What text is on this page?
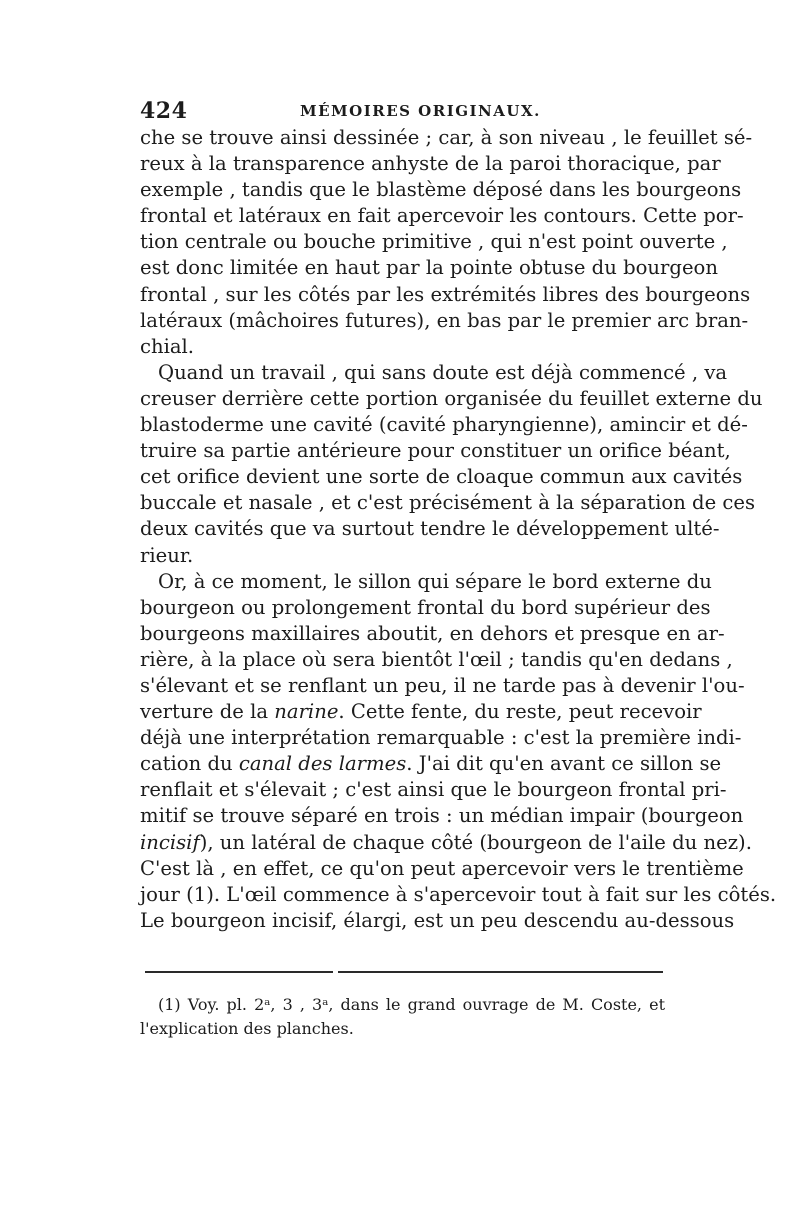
424	MÉMOIRES ORIGINAUX.
che se trouve ainsi dessinée ; car, à son niveau , le feuillet sé-
reux à la transparence anhyste de la paroi thoracique, par
exemple , tandis que le blastème déposé dans les bourgeons
frontal et latéraux en fait apercevoir les contours. Cette por-
tion centrale ou bouche primitive , qui n'est point ouverte ,
est donc limitée en haut par la pointe obtuse du bourgeon
frontal , sur les côtés par les extrémités libres des bourgeons
latéraux (mâchoires futures), en bas par le premier arc bran-
chial.
Quand un travail , qui sans doute est déjà commencé , va
creuser derrière cette portion organisée du feuillet externe du
blastoderme une cavité (cavité pharyngienne), amincir et dé-
truire sa partie antérieure pour constituer un orifice béant,
cet orifice devient une sorte de cloaque commun aux cavités
buccale et nasale , et c'est précisément à la séparation de ces
deux cavités que va surtout tendre le développement ulté-
rieur.
Or, à ce moment, le sillon qui sépare le bord externe du
bourgeon ou prolongement frontal du bord supérieur des
bourgeons maxillaires aboutit, en dehors et presque en ar-
rière, à la place où sera bientôt l'œil ; tandis qu'en dedans ,
s'élevant et se renflant un peu, il ne tarde pas à devenir l'ou-
verture de la narine. Cette fente, du reste, peut recevoir
déjà une interprétation remarquable : c'est la première indi-
cation du canal des larmes. J'ai dit qu'en avant ce sillon se
renflait et s'élevait ; c'est ainsi que le bourgeon frontal pri-
mitif se trouve séparé en trois : un médian impair (bourgeon
incisif), un latéral de chaque côté (bourgeon de l'aile du nez).
C'est là , en effet, ce qu'on peut apercevoir vers le trentième
jour (1). L'œil commence à s'apercevoir tout à fait sur les côtés.
Le bourgeon incisif, élargi, est un peu descendu au-dessous
(1) Voy. pl. 2ᵃ, 3 , 3ᵃ, dans le grand ouvrage de M. Coste, et
l'explication des planches.
